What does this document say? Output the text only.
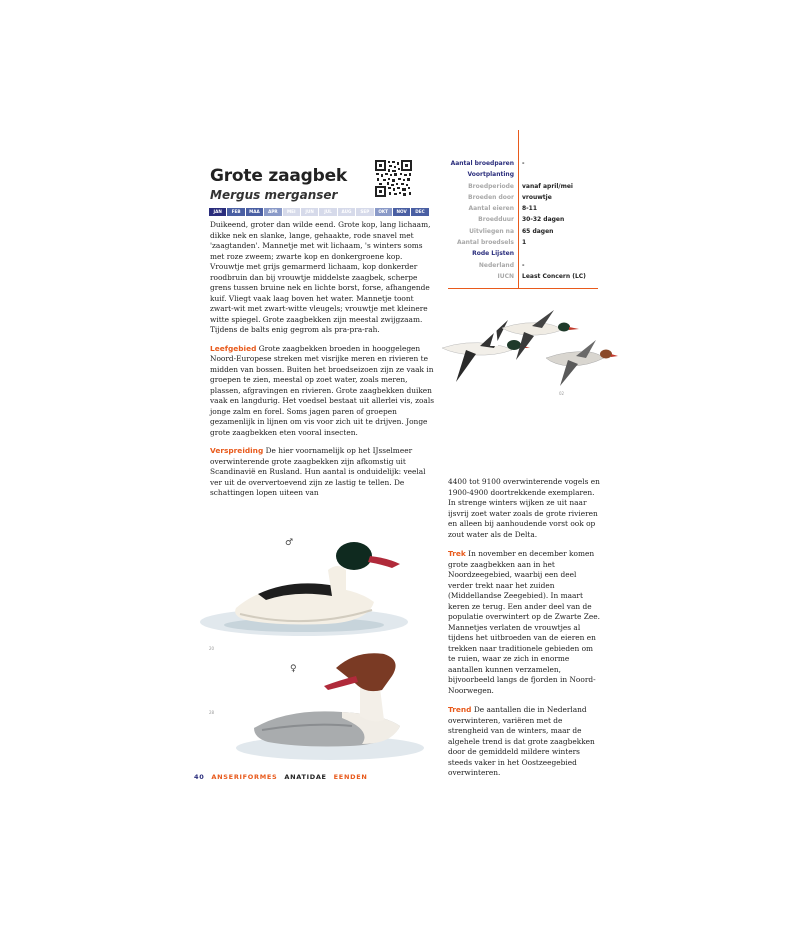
Grote zaagbek
Mergus merganser
JAN	FEB	MAA	APR	MEI	JUN	JUL	AUG	SEP	OKT	NOV	DEC

Duikeend, groter dan wilde eend. Grote kop, lang lichaam, dikke nek en slanke, lange, gehaakte, rode snavel met 'zaagtanden'. Mannetje met wit lichaam, 's winters soms met roze zweem; zwarte kop en donkergroene kop. Vrouwtje met grijs gemarmerd lichaam, kop donkerder roodbruin dan bij vrouwtje middelste zaagbek, scherpe grens tussen bruine nek en lichte borst, forse, afhangende kuif. Vliegt vaak laag boven het water. Mannetje toont zwart-wit met zwart-witte vleugels; vrouwtje met kleinere witte spiegel. Grote zaagbekken zijn meestal zwijgzaam. Tijdens de balts enig gegrom als pra-pra-rah.

Leefgebied Grote zaagbekken broeden in hooggelegen Noord-Europese streken met visrijke meren en rivieren te midden van bossen. Buiten het broedseizoen zijn ze vaak in groepen te zien, meestal op zoet water, zoals meren, plassen, afgravingen en rivieren. Grote zaagbekken duiken vaak en langdurig. Het voedsel bestaat uit allerlei vis, zoals jonge zalm en forel. Soms jagen paren of groepen gezamenlijk in lijnen om vis voor zich uit te drijven. Jonge grote zaagbekken eten vooral insecten.

Verspreiding De hier voornamelijk op het IJsselmeer overwinterende grote zaagbekken zijn afkomstig uit Scandinavië en Rusland. Hun aantal is onduidelijk: veelal ver uit de oververtoevend zijn ze lastig te tellen. De schattingen lopen uiteen van

Aantal broedparen -
Voortplanting
Broedperiode vanaf april/mei
Broeden door vrouwtje
Aantal eieren 8-11
Broedduur 30-32 dagen
Uitvliegen na 65 dagen
Aantal broedsels 1
Rode Lijsten
Nederland -
IUCN Least Concern (LC)
02

4400 tot 9100 overwinterende vogels en 1900-4900 doortrekkende exemplaren. In strenge winters wijken ze uit naar ijsvrij zoet water zoals de grote rivieren en alleen bij aanhoudende vorst ook op zout water als de Delta.

Trek In november en december komen grote zaagbekken aan in het Noordzeegebied, waarbij een deel verder trekt naar het zuiden (Middellandse Zeegebied). In maart keren ze terug. Een ander deel van de populatie overwintert op de Zwarte Zee. Mannetjes verlaten de vrouwtjes al tijdens het uitbroeden van de eieren en trekken naar traditionele gebieden om te ruien, waar ze zich in enorme aantallen kunnen verzamelen, bijvoorbeeld langs de fjorden in Noord-Noorwegen.

Trend De aantallen die in Nederland overwinteren, variëren met de strengheid van de winters, maar de algehele trend is dat grote zaagbekken door de gemiddeld mildere winters steeds vaker in het Oostzeegebied overwinteren.

♂
20
♀
28
40 ANSERIFORMES ANATIDAE EENDEN
